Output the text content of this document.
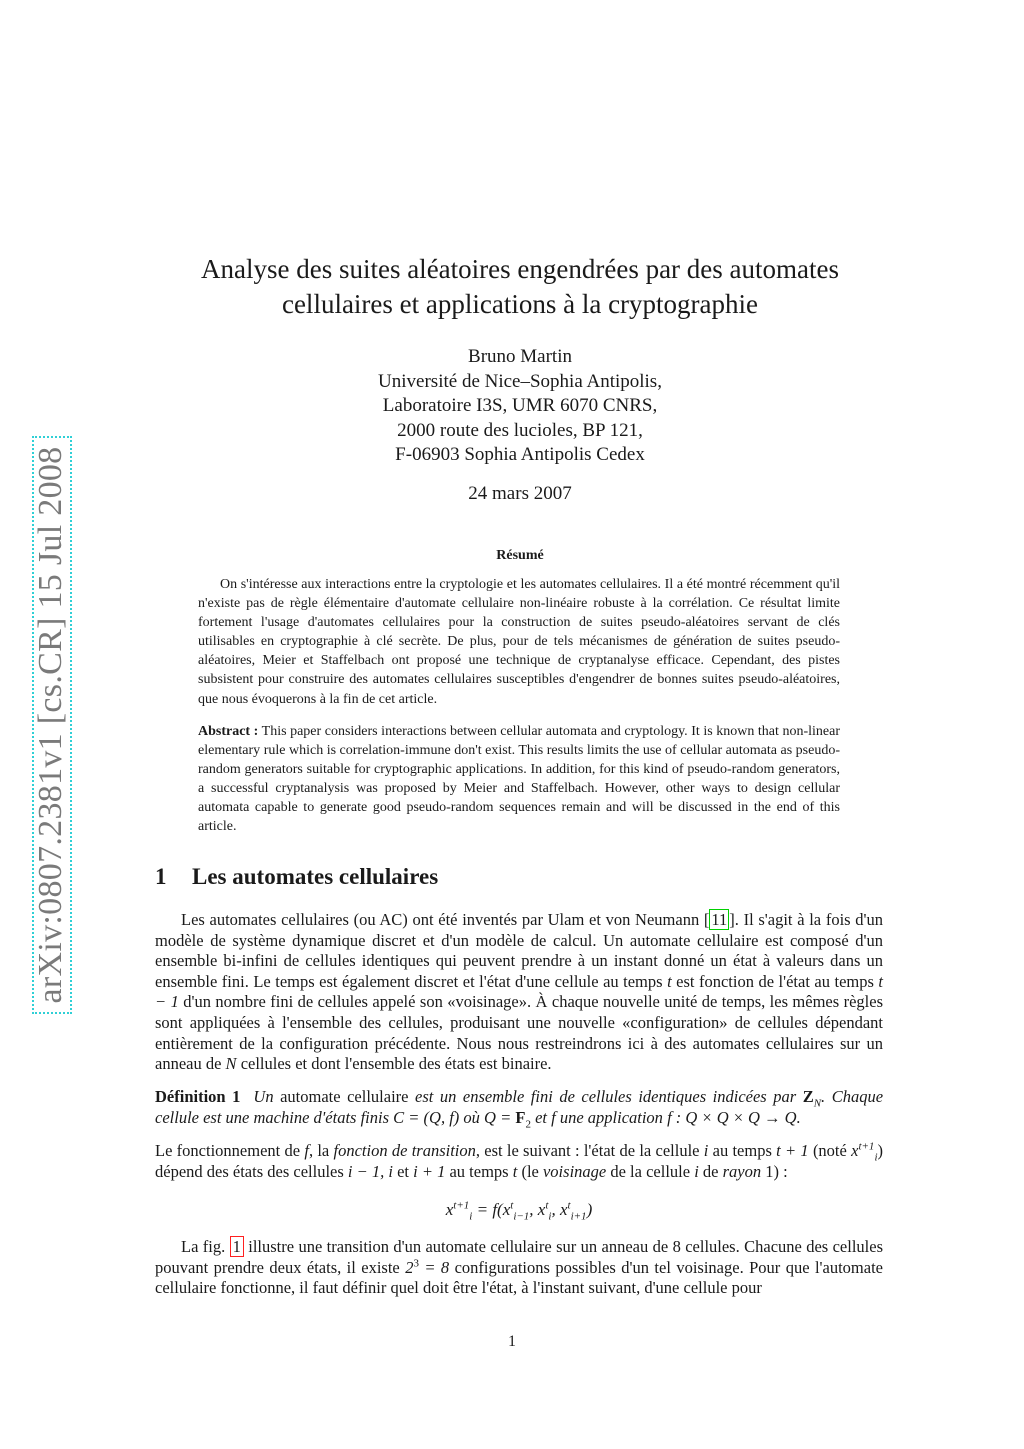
arXiv:0807.2381v1 [cs.CR] 15 Jul 2008
Analyse des suites aléatoires engendrées par des automates
cellulaires et applications à la cryptographie
Bruno Martin
Université de Nice–Sophia Antipolis,
Laboratoire I3S, UMR 6070 CNRS,
2000 route des lucioles, BP 121,
F-06903 Sophia Antipolis Cedex
24 mars 2007
Résumé

On s'intéresse aux interactions entre la cryptologie et les automates cellulaires. Il a été montré récemment qu'il n'existe pas de règle élémentaire d'automate cellulaire non-linéaire robuste à la corrélation. Ce résultat limite fortement l'usage d'automates cellulaires pour la construction de suites pseudo-aléatoires servant de clés utilisables en cryptographie à clé secrète. De plus, pour de tels mécanismes de génération de suites pseudo-aléatoires, Meier et Staffelbach ont proposé une technique de cryptanalyse efficace. Cependant, des pistes subsistent pour construire des automates cellulaires susceptibles d'engendrer de bonnes suites pseudo-aléatoires, que nous évoquerons à la fin de cet article.

Abstract : This paper considers interactions between cellular automata and cryptology. It is known that non-linear elementary rule which is correlation-immune don't exist. This results limits the use of cellular automata as pseudo-random generators suitable for cryptographic applications. In addition, for this kind of pseudo-random generators, a successful cryptanalysis was proposed by Meier and Staffelbach. However, other ways to design cellular automata capable to generate good pseudo-random sequences remain and will be discussed in the end of this article.

1 Les automates cellulaires

Les automates cellulaires (ou AC) ont été inventés par Ulam et von Neumann [ 11 ]. Il s'agit à la fois d'un modèle de système dynamique discret et d'un modèle de calcul. Un automate cellulaire est composé d'un ensemble bi-infini de cellules identiques qui peuvent prendre à un instant donné un état à valeurs dans un ensemble fini. Le temps est également discret et l'état d'une cellule au temps t est fonction de l'état au temps t − 1 d'un nombre fini de cellules appelé son «voisinage». À chaque nouvelle unité de temps, les mêmes règles sont appliquées à l'ensemble des cellules, produisant une nouvelle «configuration» de cellules dépendant entièrement de la configuration précédente. Nous nous restreindrons ici à des automates cellulaires sur un anneau de N cellules et dont l'ensemble des états est binaire.

Définition 1 Un automate cellulaire est un ensemble fini de cellules identiques indicées par $Z_N$. Chaque cellule est une machine d'états finis C = (Q, f) où $Q = F_2$ et f une application f : Q × Q × Q → Q.

Le fonctionnement de f, la fonction de transition, est le suivant : l'état de la cellule i au temps t + 1 (noté $x^{t+1}_i$) dépend des états des cellules i − 1, i et i + 1 au temps t (le voisinage de la cellule i de rayon 1) :

$x^{t+1}_i = f(x^t_{i-1}$, $x^t_i$, $x^t_{i+1}$)

La fig. 1 illustre une transition d'un automate cellulaire sur un anneau de 8 cellules. Chacune des cellules pouvant prendre deux états, il existe $2^3 = 8$ configurations possibles d'un tel voisinage. Pour que l'automate cellulaire fonctionne, il faut définir quel doit être l'état, à l'instant suivant, d'une cellule pour

1
